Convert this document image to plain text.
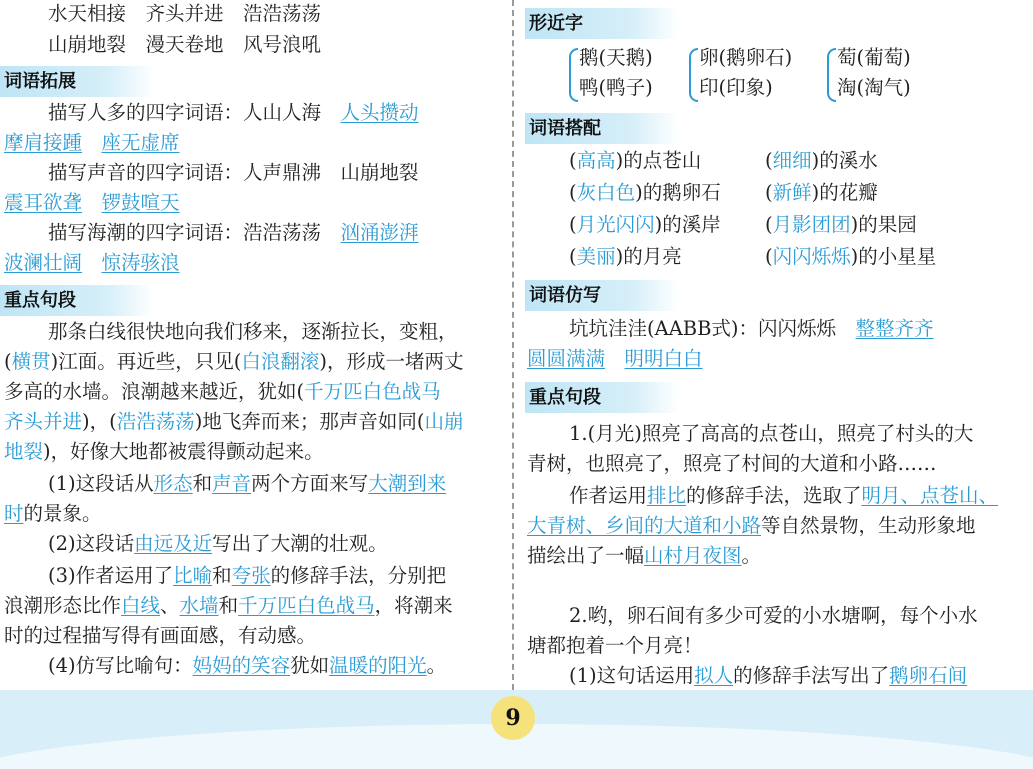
水天相接　齐头并进　浩浩荡荡
山崩地裂　漫天卷地　风号浪吼
词语拓展
描写人多的四字词语：人山人海　人头攒动
摩肩接踵　 座无虚席
描写声音的四字词语：人声鼎沸　山崩地裂
震耳欲聋　 锣鼓喧天
描写海潮的四字词语：浩浩荡荡　汹涌澎湃
波澜壮阔　 惊涛骇浪
重点句段
那条白线很快地向我们移来，逐渐拉长，变粗，
(横贯)江面。再近些，只见(白浪翻滚)，形成一堵两丈
多高的水墙。浪潮越来越近，犹如(千万匹白色战马
齐头并进)，(浩浩荡荡)地飞奔而来；那声音如同(山崩
地裂)，好像大地都被震得颤动起来。
(1)这段话从形态和声音两个方面来写大潮到来
时的景象。
(2)这段话由远及近写出了大潮的壮观。
(3)作者运用了比喻和夸张的修辞手法，分别把
浪潮形态比作白线、水墙和千万匹白色战马，将潮来
时的过程描写得有画面感，有动感。
(4)仿写比喻句：妈妈的笑容犹如温暖的阳光。
形近字
鹅(天鹅)
鸭(鸭子)
卵(鹅卵石)
印(印象)
萄(葡萄)
淘(淘气)
词语搭配
(高高)的点苍山	(细细)的溪水
(灰白色)的鹅卵石 (新鲜)的花瓣
(月光闪闪)的溪岸 (月影团团)的果园
(美丽)的月亮	(闪闪烁烁)的小星星
词语仿写
坑坑洼洼(AABB式)：闪闪烁烁　整整齐齐
圆圆满满　 明明白白
重点句段
1.(月光)照亮了高高的点苍山，照亮了村头的大
青树，也照亮了，照亮了村间的大道和小路……
作者运用排比的修辞手法，选取了明月、点苍山、
大青树、乡间的大道和小路等自然景物，生动形象地
描绘出了一幅山村月夜图。
2.哟，卵石间有多少可爱的小水塘啊，每个小水
塘都抱着一个月亮！
(1)这句话运用拟人的修辞手法写出了鹅卵石间
9
